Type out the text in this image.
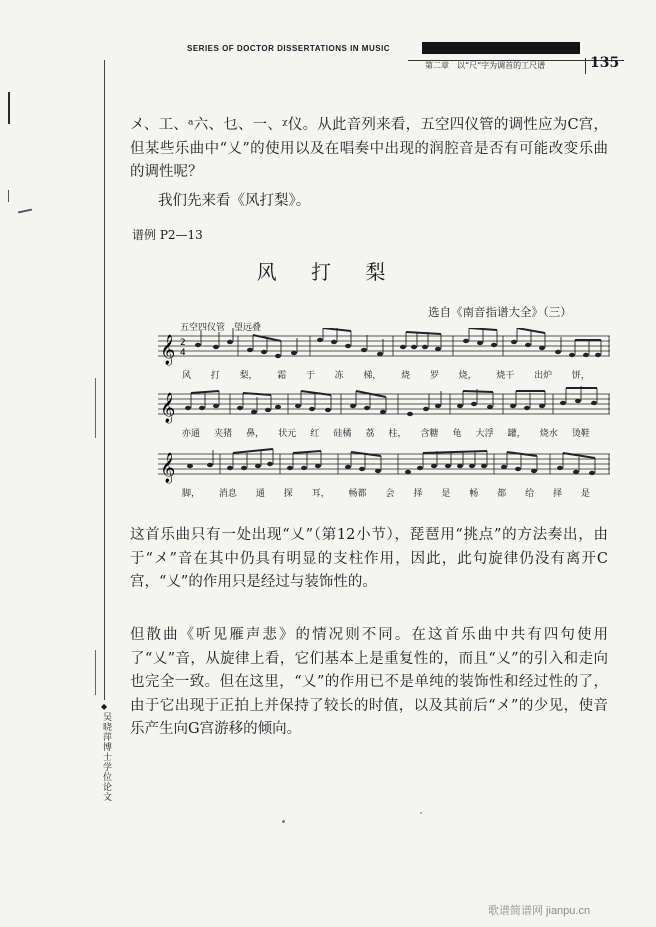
SERIES OF DOCTOR DISSERTATIONS IN MUSIC
第二章　以“尺”字为调首的工尺谱	135

メ、工、ᵃ六、乜、一、ᵡ仪。从此音列来看，五空四仪管的调性应为C宫，但某些乐曲中“乂”的使用以及在唱奏中出现的润腔音是否有可能改变乐曲的调性呢？

我们先来看《风打梨》。

谱例 P2—13
风 打 梨
选自《南音指谱大全》（三）
五空四仪管　望远叠
𝄞 2
4
风 打 梨， 霜 于 冻 梯， 烧 罗 烧， 烧干 出炉 饼，
𝄞
亦通 夹猪 鼻， 状元 红 硅橘 荔 柱， 含糖 龟 大浮 罐， 烧水 烫鞋
𝄞
脚， 消息 通 探 耳， 畅都 会 择 是 畅 都 给 择 是

这首乐曲只有一处出现“乂”（第12小节），琵琶用“挑点”的方法奏出，由于“メ”音在其中仍具有明显的支柱作用，因此，此句旋律仍没有离开C宫，“乂”的作用只是经过与装饰性的。

但散曲《听见雁声悲》的情况则不同。在这首乐曲中共有四句使用了“乂”音，从旋律上看，它们基本上是重复性的，而且“乂”的引入和走向也完全一致。但在这里，“乂”的作用已不是单纯的装饰性和经过性的了，由于它出现于正拍上并保持了较长的时值，以及其前后“メ”的少见，使音乐产生向G宫游移的倾向。

◆
吴晓萍博士学位论文
歌谱简谱网 jianpu.cn
